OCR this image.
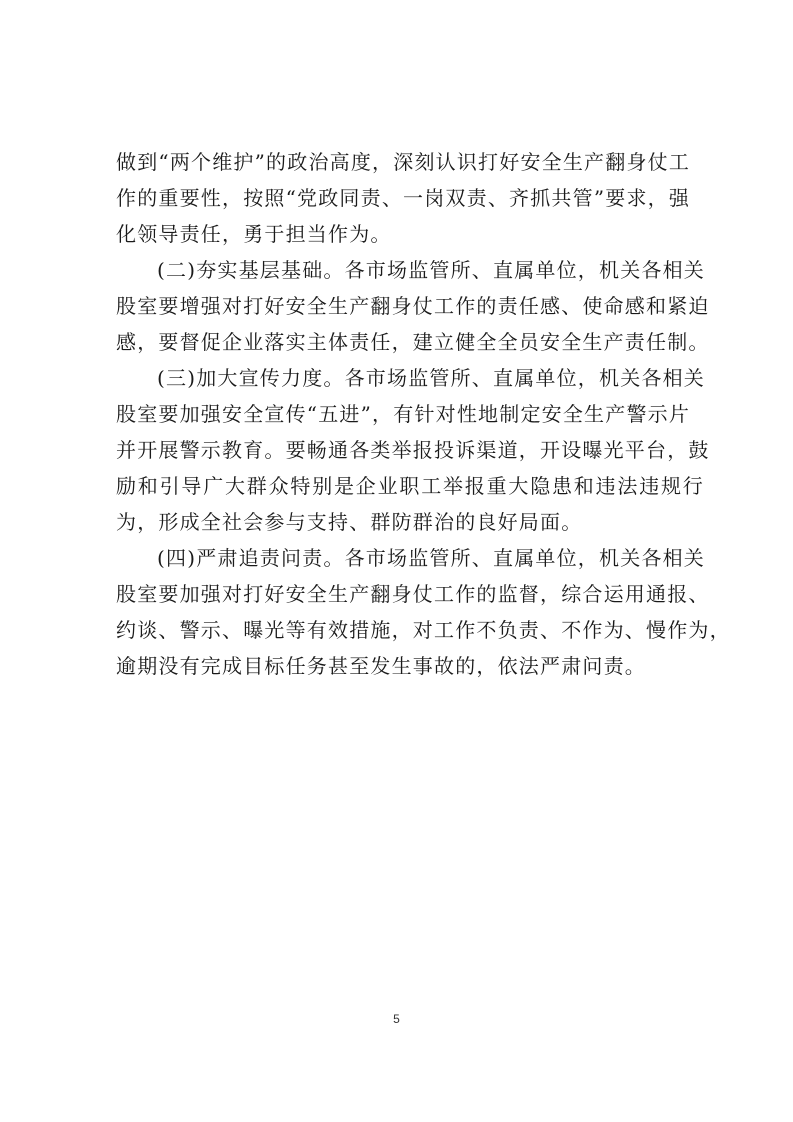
做到“两个维护”的政治高度，深刻认识打好安全生产翻身仗工
作的重要性，按照“党政同责、一岗双责、齐抓共管”要求，强
化领导责任，勇于担当作为。
(二)夯实基层基础。各市场监管所、直属单位，机关各相关
股室要增强对打好安全生产翻身仗工作的责任感、使命感和紧迫
感，要督促企业落实主体责任，建立健全全员安全生产责任制。
(三)加大宣传力度。各市场监管所、直属单位，机关各相关
股室要加强安全宣传“五进”，有针对性地制定安全生产警示片
并开展警示教育。要畅通各类举报投诉渠道，开设曝光平台，鼓
励和引导广大群众特别是企业职工举报重大隐患和违法违规行
为，形成全社会参与支持、群防群治的良好局面。
(四)严肃追责问责。各市场监管所、直属单位，机关各相关
股室要加强对打好安全生产翻身仗工作的监督，综合运用通报、
约谈、警示、曝光等有效措施，对工作不负责、不作为、慢作为，
逾期没有完成目标任务甚至发生事故的，依法严肃问责。
5
